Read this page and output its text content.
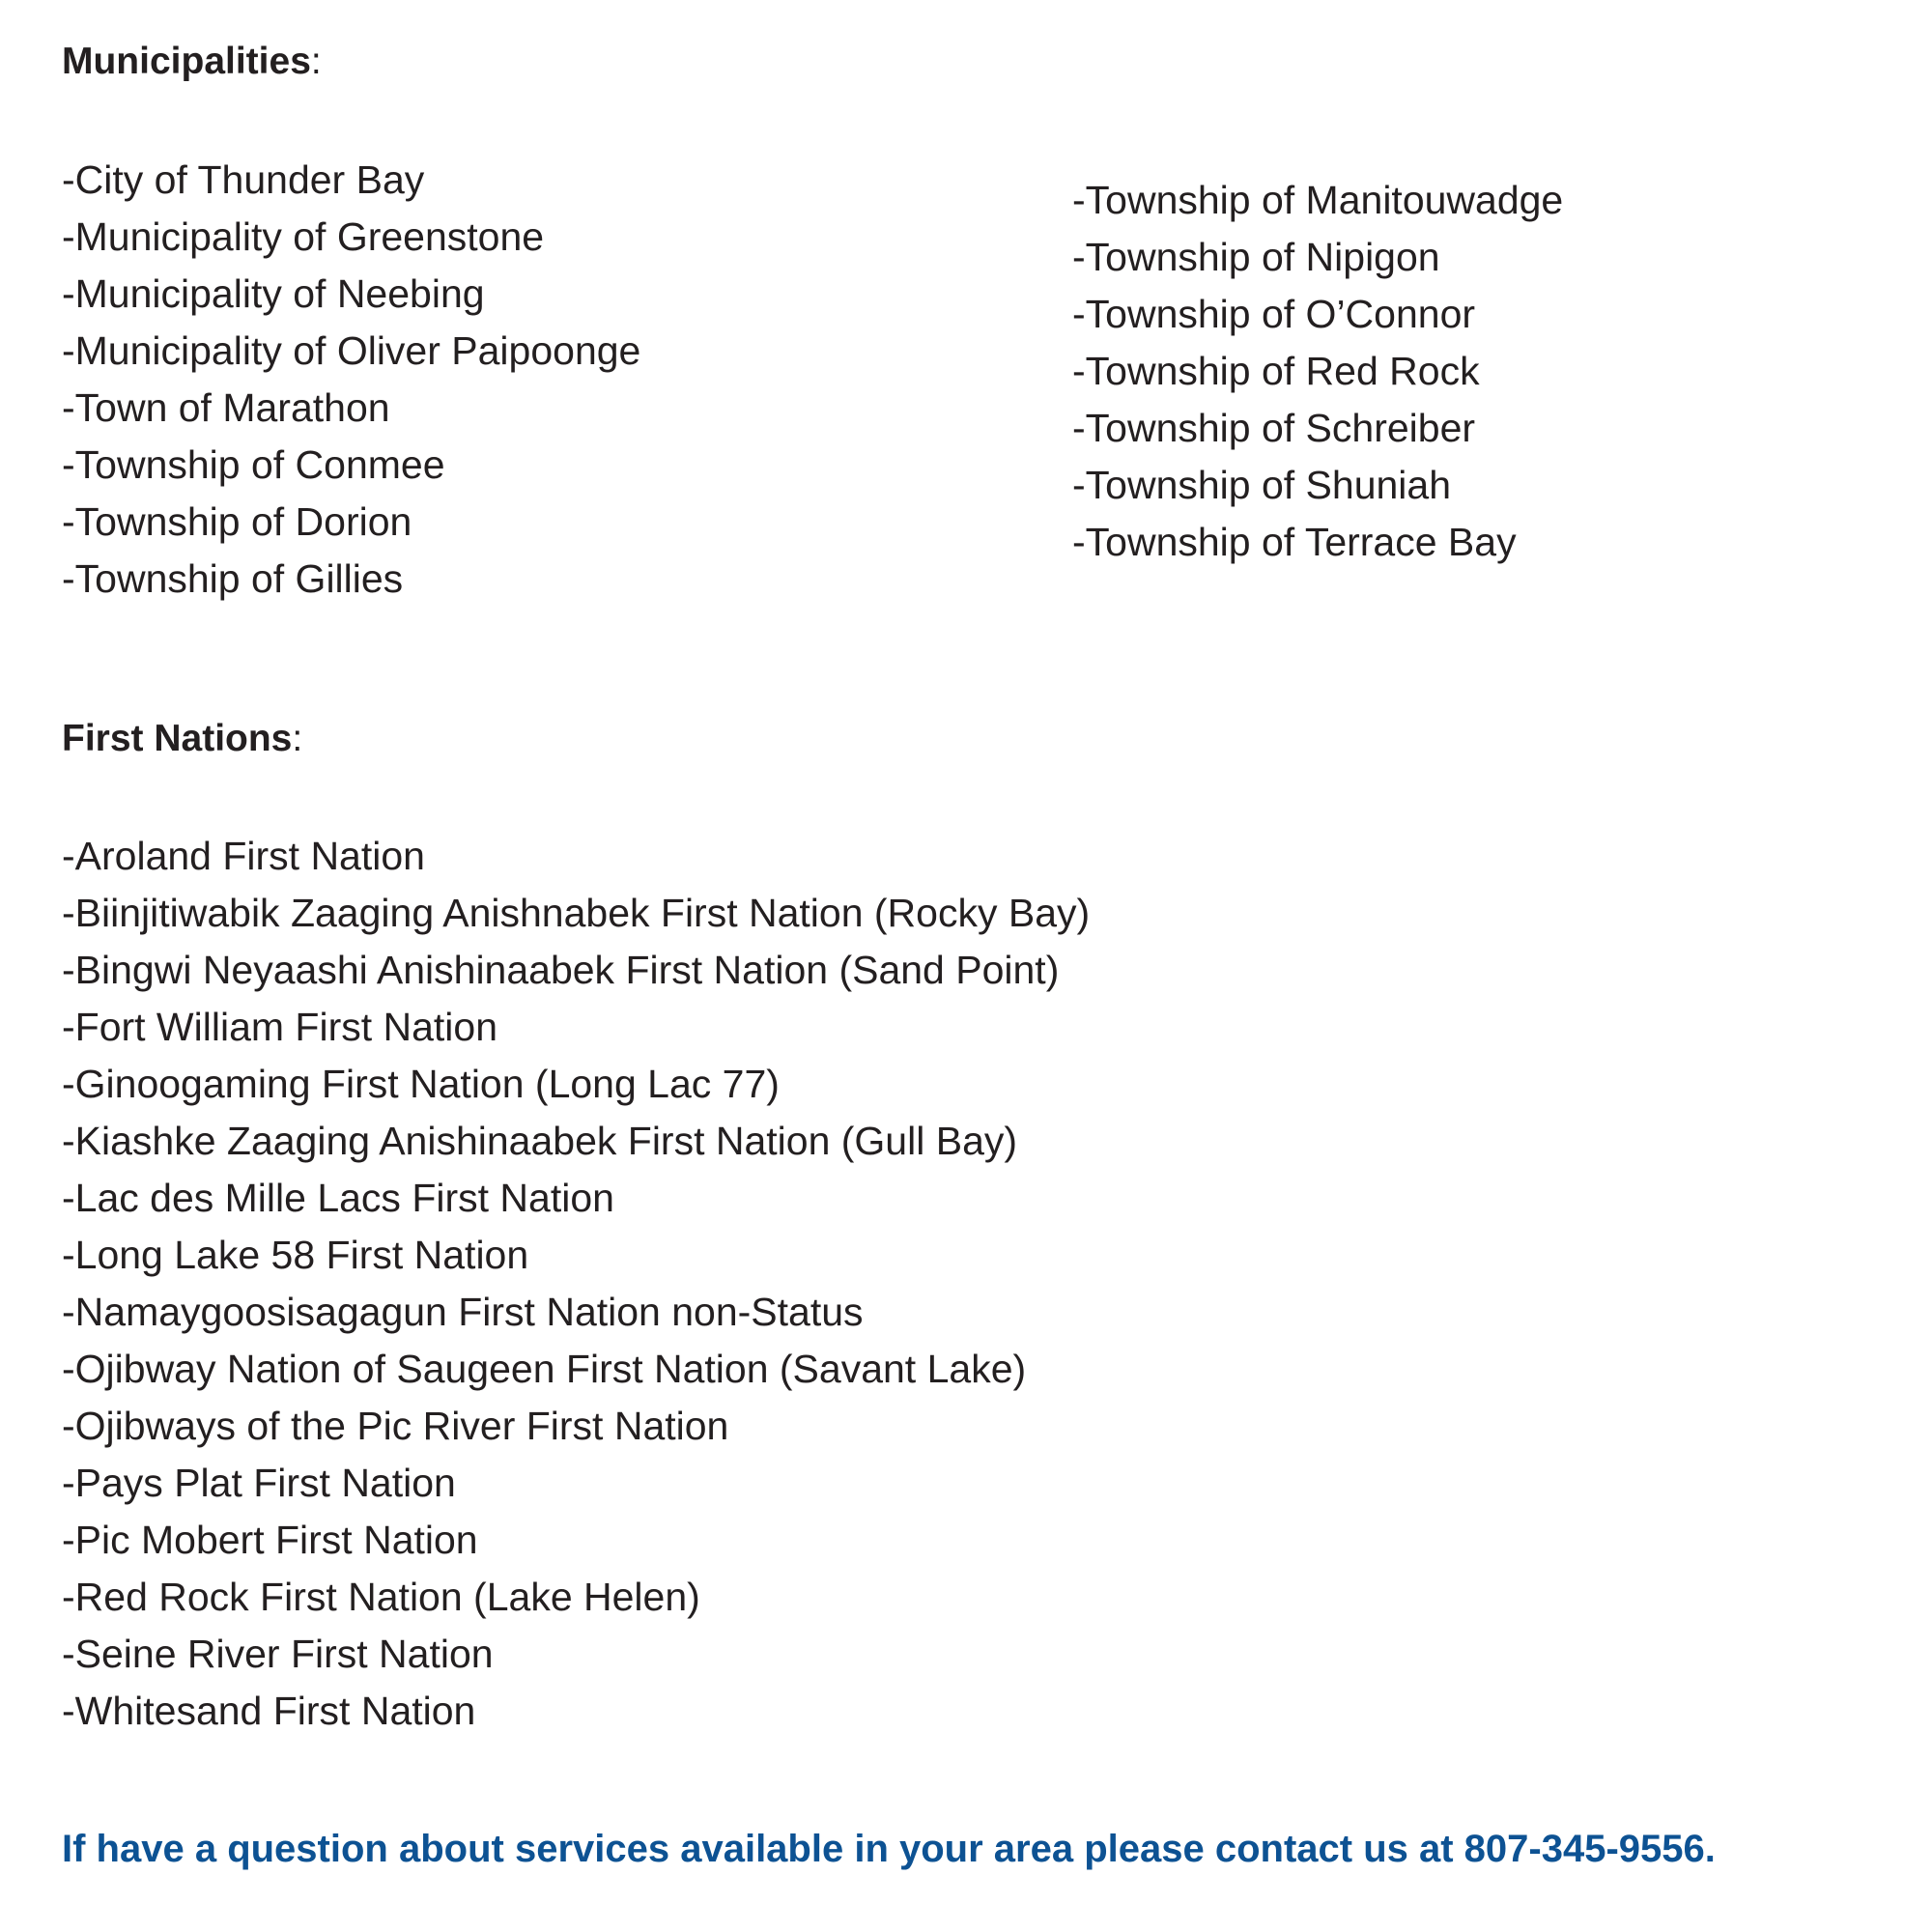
Municipalities:
-City of Thunder Bay
-Municipality of Greenstone
-Municipality of Neebing
-Municipality of Oliver Paipoonge
-Town of Marathon
-Township of Conmee
-Township of Dorion
-Township of Gillies
-Township of Manitouwadge
-Township of Nipigon
-Township of O’Connor
-Township of Red Rock
-Township of Schreiber
-Township of Shuniah
-Township of Terrace Bay
First Nations:
-Aroland First Nation
-Biinjitiwabik Zaaging Anishnabek First Nation (Rocky Bay)
-Bingwi Neyaashi Anishinaabek First Nation (Sand Point)
-Fort William First Nation
-Ginoogaming First Nation (Long Lac 77)
-Kiashke Zaaging Anishinaabek First Nation (Gull Bay)
-Lac des Mille Lacs First Nation
-Long Lake 58 First Nation
-Namaygoosisagagun First Nation non-Status
-Ojibway Nation of Saugeen First Nation (Savant Lake)
-Ojibways of the Pic River First Nation
-Pays Plat First Nation
-Pic Mobert First Nation
-Red Rock First Nation (Lake Helen)
-Seine River First Nation
-Whitesand First Nation
If have a question about services available in your area please contact us at 807-345-9556.
